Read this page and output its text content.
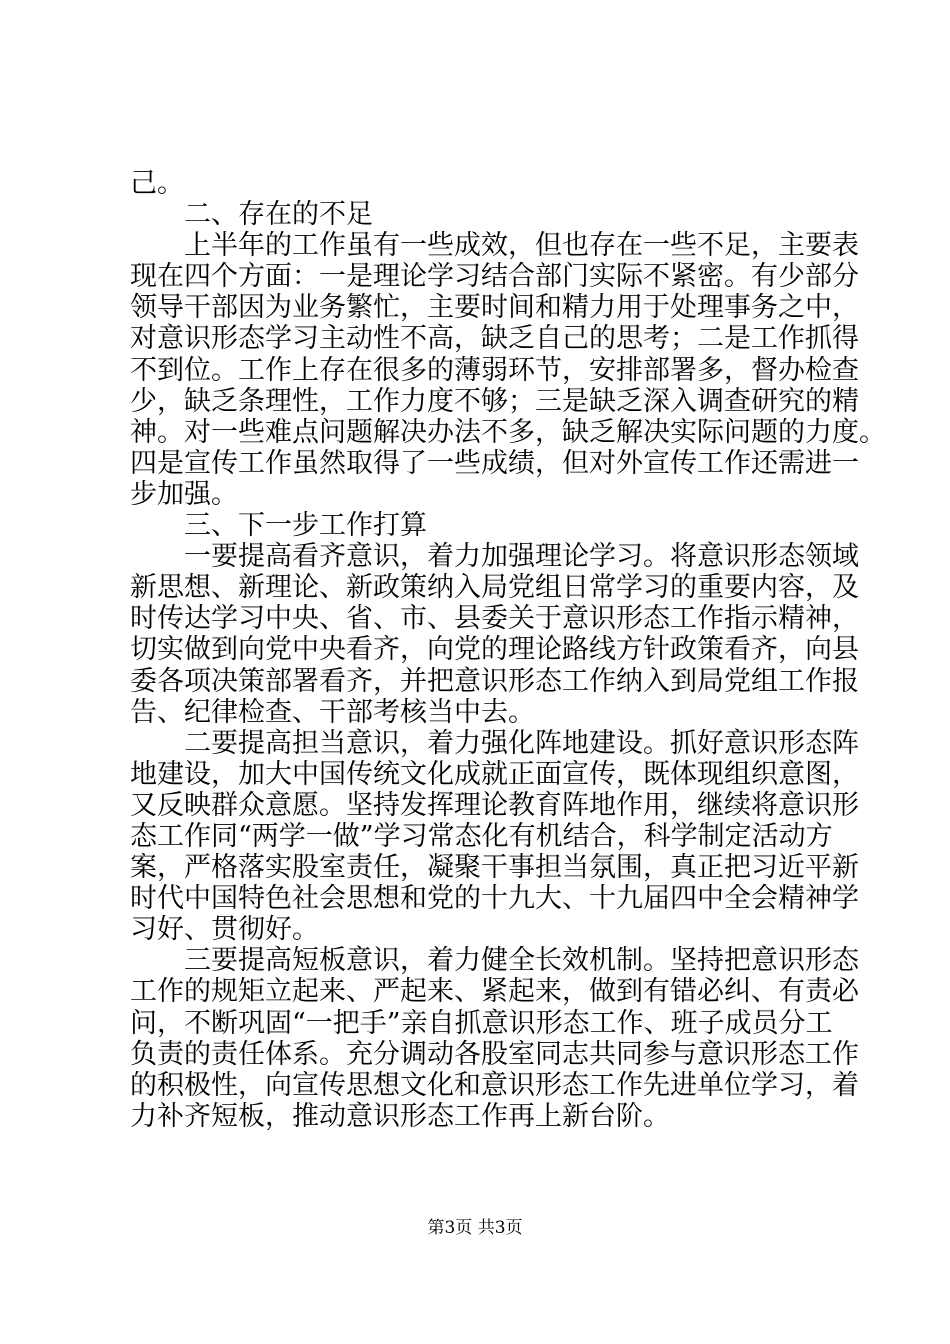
己。
二、存在的不足
上半年的工作虽有一些成效，但也存在一些不足，主要表
现在四个方面：一是理论学习结合部门实际不紧密。有少部分
领导干部因为业务繁忙，主要时间和精力用于处理事务之中，
对意识形态学习主动性不高，缺乏自己的思考；二是工作抓得
不到位。工作上存在很多的薄弱环节，安排部署多，督办检查
少，缺乏条理性，工作力度不够；三是缺乏深入调查研究的精
神。对一些难点问题解决办法不多，缺乏解决实际问题的力度。
四是宣传工作虽然取得了一些成绩，但对外宣传工作还需进一
步加强。
三、下一步工作打算
一要提高看齐意识，着力加强理论学习。将意识形态领域
新思想、新理论、新政策纳入局党组日常学习的重要内容，及
时传达学习中央、省、市、县委关于意识形态工作指示精神，
切实做到向党中央看齐，向党的理论路线方针政策看齐，向县
委各项决策部署看齐，并把意识形态工作纳入到局党组工作报
告、纪律检查、干部考核当中去。
二要提高担当意识，着力强化阵地建设。抓好意识形态阵
地建设，加大中国传统文化成就正面宣传，既体现组织意图，
又反映群众意愿。坚持发挥理论教育阵地作用，继续将意识形
态工作同“两学一做”学习常态化有机结合，科学制定活动方
案，严格落实股室责任，凝聚干事担当氛围，真正把习近平新
时代中国特色社会思想和党的十九大、十九届四中全会精神学
习好、贯彻好。
三要提高短板意识，着力健全长效机制。坚持把意识形态
工作的规矩立起来、严起来、紧起来，做到有错必纠、有责必
问，不断巩固“一把手”亲自抓意识形态工作、班子成员分工
负责的责任体系。充分调动各股室同志共同参与意识形态工作
的积极性，向宣传思想文化和意识形态工作先进单位学习，着
力补齐短板，推动意识形态工作再上新台阶。
第3页 共3页
